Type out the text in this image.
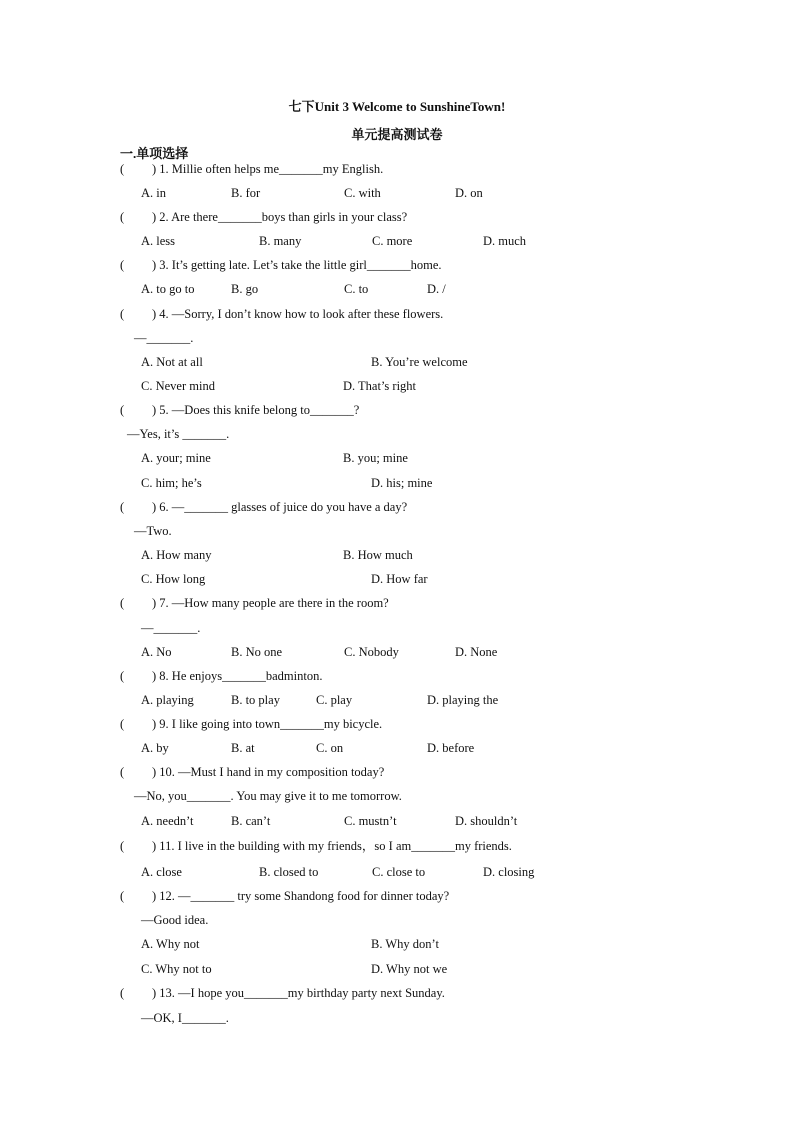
七下Unit 3 Welcome to SunshineTown!
单元提高测试卷
一.单项选择
( ) 1. Millie often helps me_______my English.
A. in	B. for	C. with	D. on
( ) 2. Are there_______boys than girls in your class?
A. less	B. many	C. more	D. much
( ) 3. It’s getting late. Let’s take the little girl_______home.
A. to go to	B. go	C. to	D. /
( ) 4. —Sorry, I don’t know how to look after these flowers.
—_______.
A. Not at all	B. You’re welcome
C. Never mind	D. That’s right
( ) 5. —Does this knife belong to_______?
—Yes, it’s _______.
A. your; mine	B. you; mine
C. him; he’s	D. his; mine
( ) 6. —_______ glasses of juice do you have a day?
—Two.
A. How many	B. How much
C. How long	D. How far
( ) 7. —How many people are there in the room?
—_______.
A. No	B. No one	C. Nobody	D. None
( ) 8. He enjoys_______badminton.
A. playing	B. to play	C. play	D. playing the
( ) 9. I like going into town_______my bicycle.
A. by	B. at	C. on	D. before
( ) 10. —Must I hand in my composition today?
—No, you_______. You may give it to me tomorrow.
A. needn’t	B. can’t	C. mustn’t	D. shouldn’t
( ) 11. I live in the building with my friends，so I am_______my friends.
A. close	B. closed to	C. close to	D. closing
( ) 12. —_______ try some Shandong food for dinner today?
—Good idea.
A. Why not	B. Why don’t
C. Why not to	D. Why not we
( ) 13. —I hope you_______my birthday party next Sunday.
—OK, I_______.
